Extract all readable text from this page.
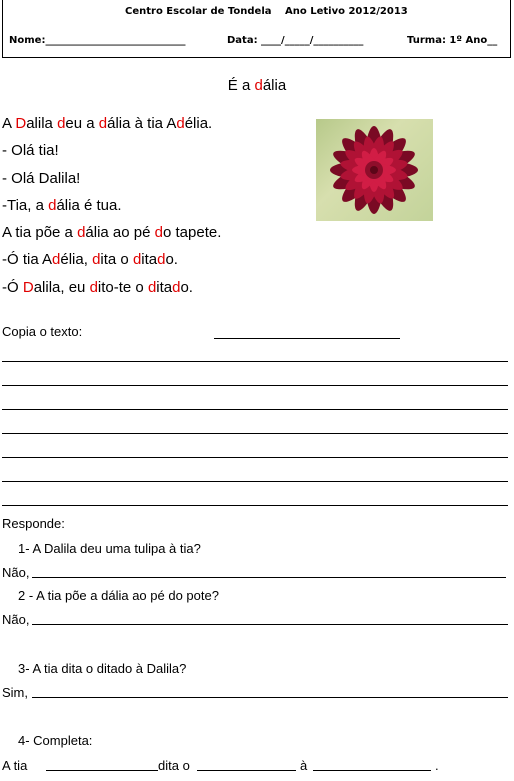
Centro Escolar de Tondela Ano Letivo 2012/2013
Nome:____________________________	Data: ____/_____/__________	Turma: 1º Ano__
É a dália
A Dalila deu a dália à tia Adélia.
- Olá tia!
- Olá Dalila!
-Tia, a dália é tua.
A tia põe a dália ao pé do tapete.
-Ó tia Adélia, dita o ditado.
-Ó Dalila, eu dito-te o ditado.
Copia o texto:
Responde:
1- A Dalila deu uma tulipa à tia?
Não,
2 - A tia põe a dália ao pé do pote?
Não,
3- A tia dita o ditado à Dalila?
Sim,
4- Completa:
A tia	dita o	à	.
